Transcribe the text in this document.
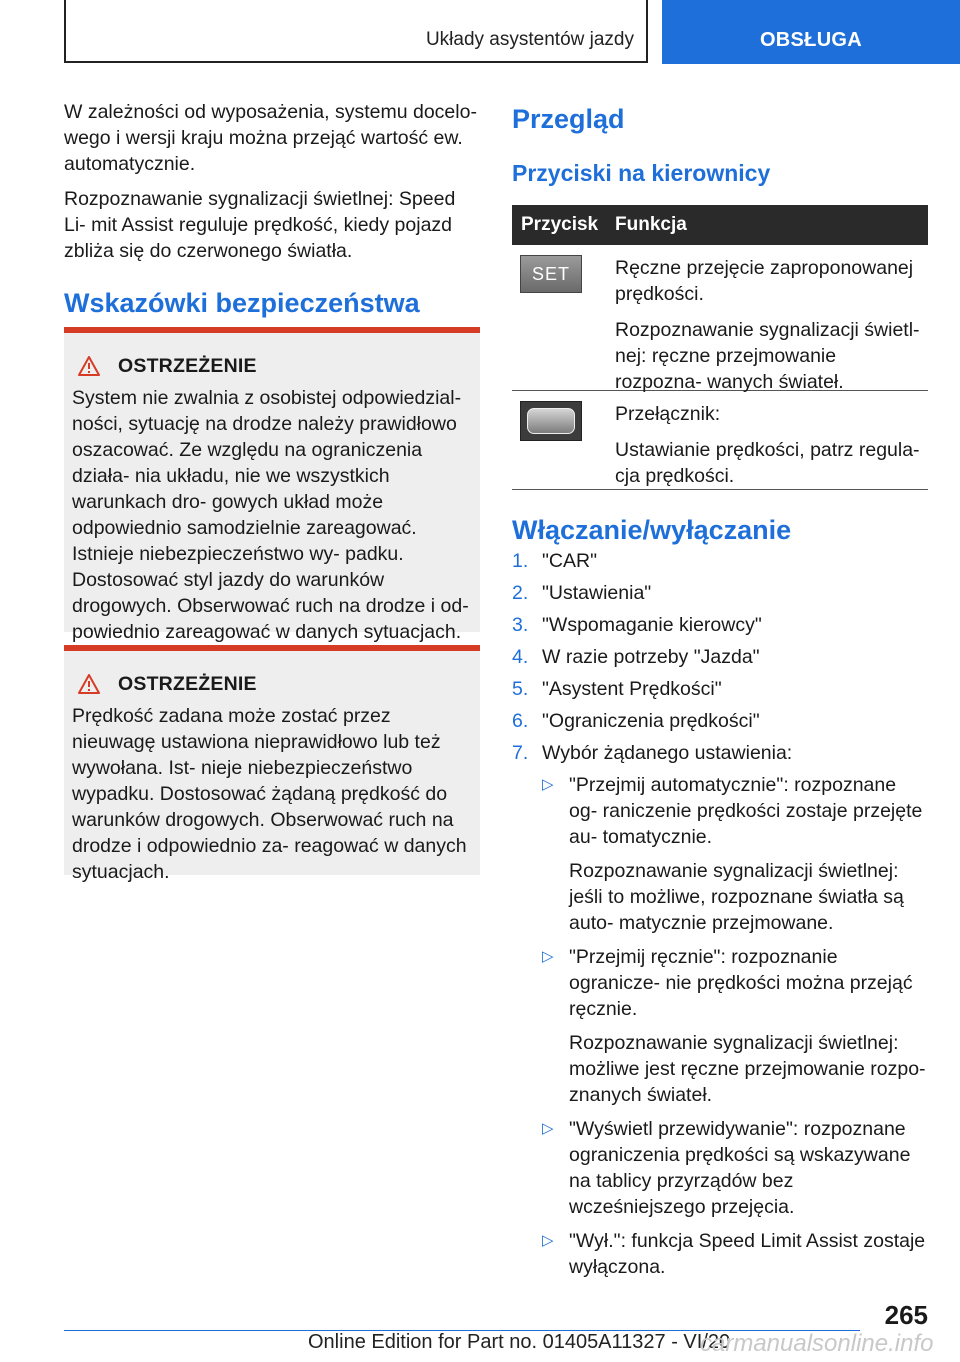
Układy asystentów jazdy	OBSŁUGA
W zależności od wyposażenia, systemu docelo- wego i wersji kraju można przejąć wartość ew. automatycznie.
Rozpoznawanie sygnalizacji świetlnej: Speed Li- mit Assist reguluje prędkość, kiedy pojazd zbliża się do czerwonego światła.
Wskazówki bezpieczeństwa
OSTRZEŻENIE
System nie zwalnia z osobistej odpowiedzial- ności, sytuację na drodze należy prawidłowo oszacować. Ze względu na ograniczenia działa- nia układu, nie we wszystkich warunkach dro- gowych układ może odpowiednio samodzielnie zareagować. Istnieje niebezpieczeństwo wy- padku. Dostosować styl jazdy do warunków drogowych. Obserwować ruch na drodze i od- powiednio zareagować w danych sytuacjach.
OSTRZEŻENIE
Prędkość zadana może zostać przez nieuwagę ustawiona nieprawidłowo lub też wywołana. Ist- nieje niebezpieczeństwo wypadku. Dostosować żądaną prędkość do warunków drogowych. Obserwować ruch na drodze i odpowiednio za- reagować w danych sytuacjach.
Przegląd
Przyciski na kierownicy
Przycisk Funkcja
SET Ręczne przejęcie zaproponowanej prędkości.

Rozpoznawanie sygnalizacji świetl- nej: ręczne przejmowanie rozpozna- wanych świateł.

Przełącznik:

Ustawianie prędkości, patrz regula- cja prędkości.

Włączanie/wyłączanie
1. "CAR"
2. "Ustawienia"
3. "Wspomaganie kierowcy"
4. W razie potrzeby "Jazda"
5. "Asystent Prędkości"
6. "Ograniczenia prędkości"
7. Wybór żądanego ustawienia:
▷ "Przejmij automatycznie": rozpoznane og- raniczenie prędkości zostaje przejęte au- tomatycznie.

Rozpoznawanie sygnalizacji świetlnej: jeśli to możliwe, rozpoznane światła są auto- matycznie przejmowane.

▷ "Przejmij ręcznie": rozpoznanie ogranicze- nie prędkości można przejąć ręcznie.

Rozpoznawanie sygnalizacji świetlnej: możliwe jest ręczne przejmowanie rozpo- znanych świateł.

▷ "Wyświetl przewidywanie": rozpoznane ograniczenia prędkości są wskazywane na tablicy przyrządów bez wcześniejszego przejęcia.

▷ "Wył.": funkcja Speed Limit Assist zostaje wyłączona.

265
Online Edition for Part no. 01405A11327 - VI/20
carmanualsonline.info
